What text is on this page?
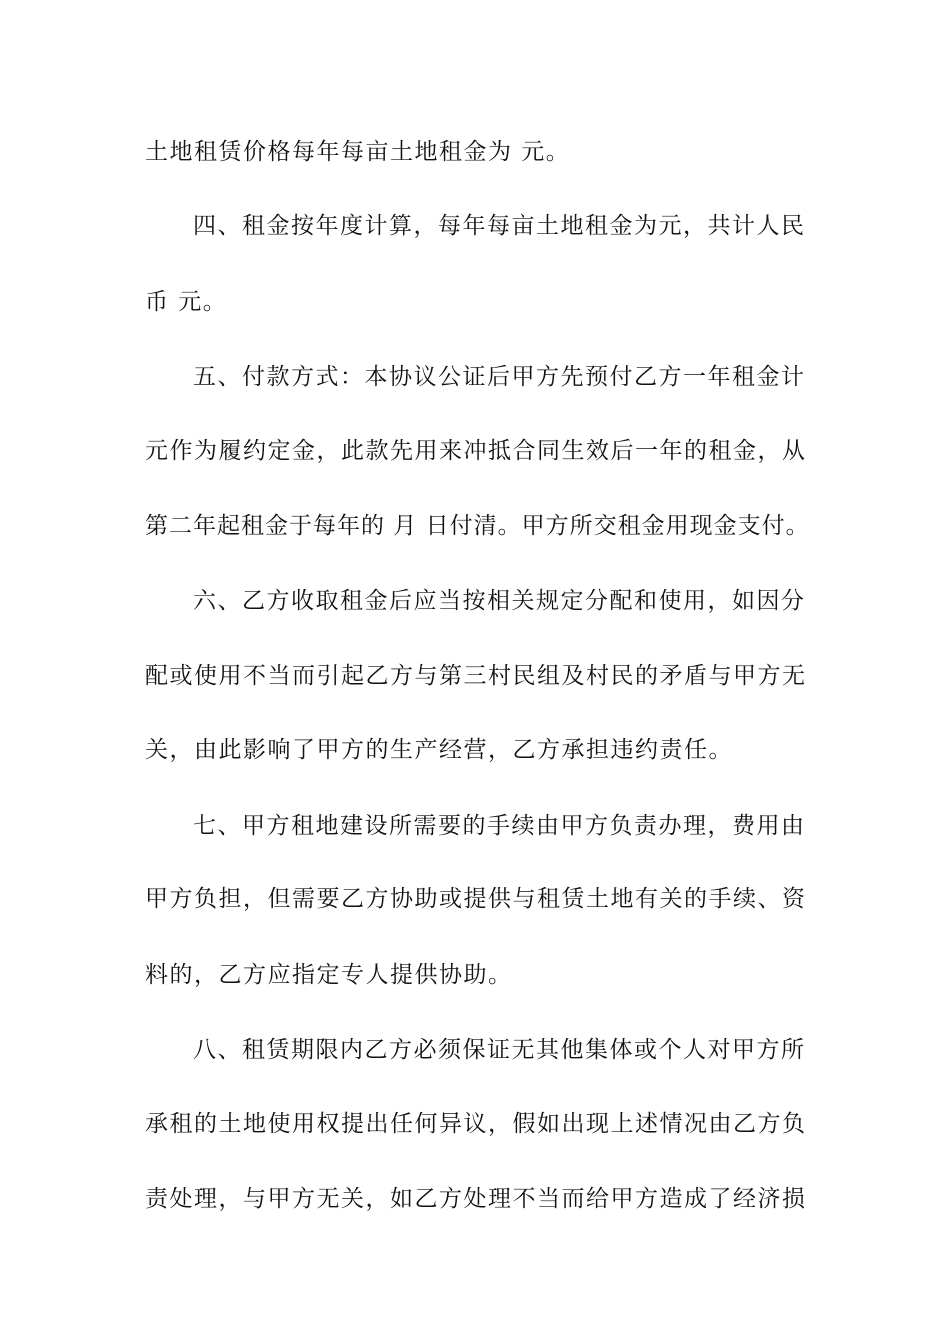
土地租赁价格每年每亩土地租金为 元。
四、租金按年度计算，每年每亩土地租金为元，共计人民
币 元。
五、付款方式：本协议公证后甲方先预付乙方一年租金计
元作为履约定金，此款先用来冲抵合同生效后一年的租金，从
第二年起租金于每年的 月 日付清。甲方所交租金用现金支付。
六、乙方收取租金后应当按相关规定分配和使用，如因分
配或使用不当而引起乙方与第三村民组及村民的矛盾与甲方无
关，由此影响了甲方的生产经营，乙方承担违约责任。
七、甲方租地建设所需要的手续由甲方负责办理，费用由
甲方负担，但需要乙方协助或提供与租赁土地有关的手续、资
料的，乙方应指定专人提供协助。
八、租赁期限内乙方必须保证无其他集体或个人对甲方所
承租的土地使用权提出任何异议，假如出现上述情况由乙方负
责处理，与甲方无关，如乙方处理不当而给甲方造成了经济损
